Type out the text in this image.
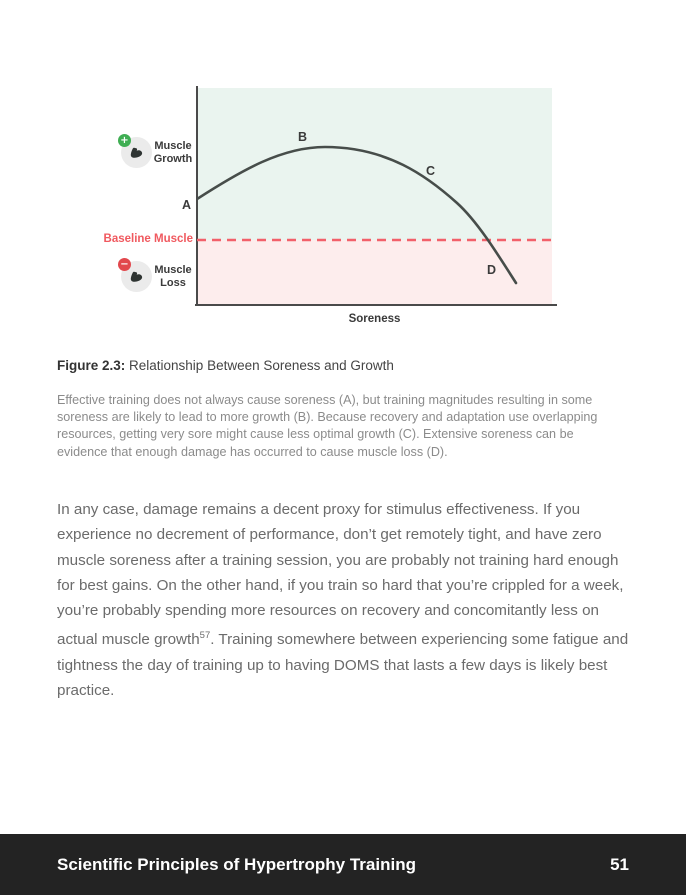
A
B
C
D
Baseline Muscle
Soreness
+	Muscle
Growth
−	Muscle
Loss
Figure 2.3: Relationship Between Soreness and Growth
Effective training does not always cause soreness (A), but training magnitudes resulting in some soreness are likely to lead to more growth (B). Because recovery and adaptation use overlapping resources, getting very sore might cause less optimal growth (C). Extensive soreness can be evidence that enough damage has occurred to cause muscle loss (D).

In any case, damage remains a decent proxy for stimulus effectiveness. If you experience no decrement of performance, don’t get remotely tight, and have zero muscle soreness after a training session, you are probably not training hard enough for best gains. On the other hand, if you train so hard that you’re crippled for a week, you’re probably spending more resources on recovery and concomitantly less on actual muscle growth$^{57}$. Training somewhere between experiencing some fatigue and tightness the day of training up to having DOMS that lasts a few days is likely best practice.

Scientific Principles of Hypertrophy Training	51
